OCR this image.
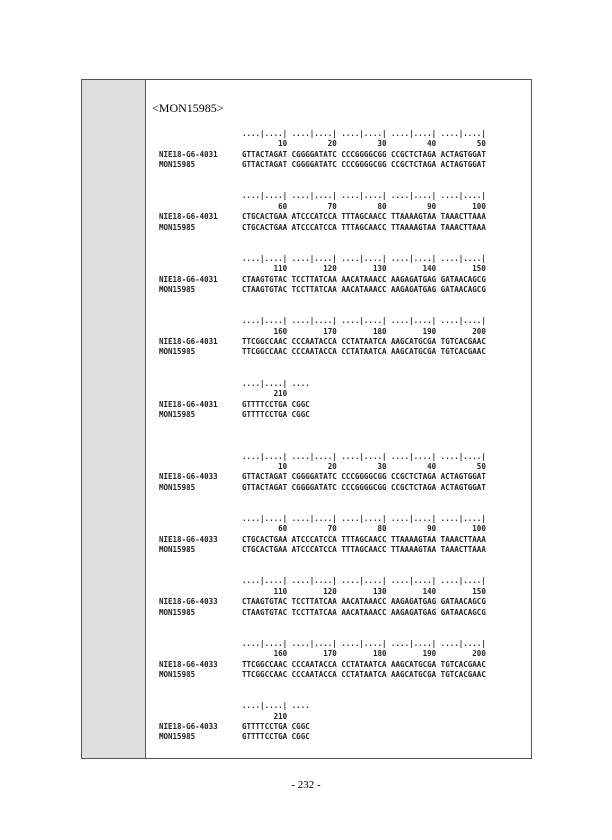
<MON15985>
....|....| ....|....| ....|....| ....|....| ....|....|
10         20         30         40         50
NIE18-G6-4031	GTTACTAGAT CGGGGATATC CCCGGGGCGG CCGCTCTAGA ACTAGTGGAT
MON15985	GTTACTAGAT CGGGGATATC CCCGGGGCGG CCGCTCTAGA ACTAGTGGAT
....|....| ....|....| ....|....| ....|....| ....|....|
60         70         80         90        100
NIE18-G6-4031	CTGCACTGAA ATCCCATCCA TTTAGCAACC TTAAAAGTAA TAAACTTAAA
MON15985	CTGCACTGAA ATCCCATCCA TTTAGCAACC TTAAAAGTAA TAAACTTAAA
....|....| ....|....| ....|....| ....|....| ....|....|
110        120        130        140        150
NIE18-G6-4031	CTAAGTGTAC TCCTTATCAA AACATAAACC AAGAGATGAG GATAACAGCG
MON15985	CTAAGTGTAC TCCTTATCAA AACATAAACC AAGAGATGAG GATAACAGCG
....|....| ....|....| ....|....| ....|....| ....|....|
160        170        180        190        200
NIE18-G6-4031	TTCGGCCAAC CCCAATACCA CCTATAATCA AAGCATGCGA TGTCACGAAC
MON15985	TTCGGCCAAC CCCAATACCA CCTATAATCA AAGCATGCGA TGTCACGAAC
....|....| ....
210
NIE18-G6-4031	GTTTTCCTGA CGGC
MON15985	GTTTTCCTGA CGGC
....|....| ....|....| ....|....| ....|....| ....|....|
10         20         30         40         50
NIE18-G6-4033	GTTACTAGAT CGGGGATATC CCCGGGGCGG CCGCTCTAGA ACTAGTGGAT
MON15985	GTTACTAGAT CGGGGATATC CCCGGGGCGG CCGCTCTAGA ACTAGTGGAT
....|....| ....|....| ....|....| ....|....| ....|....|
60         70         80         90        100
NIE18-G6-4033	CTGCACTGAA ATCCCATCCA TTTAGCAACC TTAAAAGTAA TAAACTTAAA
MON15985	CTGCACTGAA ATCCCATCCA TTTAGCAACC TTAAAAGTAA TAAACTTAAA
....|....| ....|....| ....|....| ....|....| ....|....|
110        120        130        140        150
NIE18-G6-4033	CTAAGTGTAC TCCTTATCAA AACATAAACC AAGAGATGAG GATAACAGCG
MON15985	CTAAGTGTAC TCCTTATCAA AACATAAACC AAGAGATGAG GATAACAGCG
....|....| ....|....| ....|....| ....|....| ....|....|
160        170        180        190        200
NIE18-G6-4033	TTCGGCCAAC CCCAATACCA CCTATAATCA AAGCATGCGA TGTCACGAAC
MON15985	TTCGGCCAAC CCCAATACCA CCTATAATCA AAGCATGCGA TGTCACGAAC
....|....| ....
210
NIE18-G6-4033	GTTTTCCTGA CGGC
MON15985	GTTTTCCTGA CGGC
- 232 -
